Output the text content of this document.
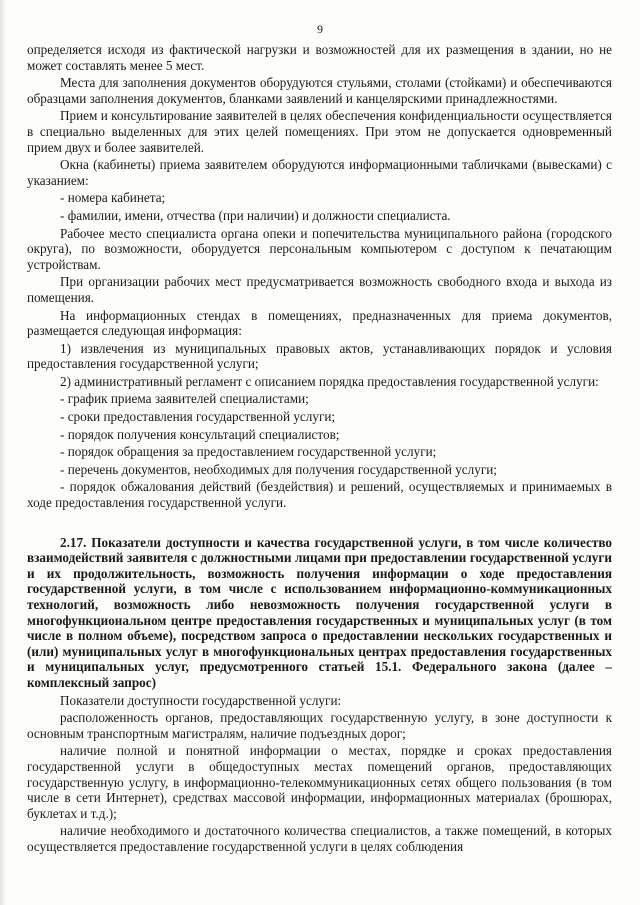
9

определяется исходя из фактической нагрузки и возможностей для их размещения в здании, но не может составлять менее 5 мест.

Места для заполнения документов оборудуются стульями, столами (стойками) и обеспечиваются образцами заполнения документов, бланками заявлений и канцелярскими принадлежностями.

Прием и консультирование заявителей в целях обеспечения конфиденциальности осуществляется в специально выделенных для этих целей помещениях. При этом не допускается одновременный прием двух и более заявителей.

Окна (кабинеты) приема заявителем оборудуются информационными табличками (вывесками) с указанием:

- номера кабинета;

- фамилии, имени, отчества (при наличии) и должности специалиста.

Рабочее место специалиста органа опеки и попечительства муниципального района (городского округа), по возможности, оборудуется персональным компьютером с доступом к печатающим устройствам.

При организации рабочих мест предусматривается возможность свободного входа и выхода из помещения.

На информационных стендах в помещениях, предназначенных для приема документов, размещается следующая информация:

1) извлечения из муниципальных правовых актов, устанавливающих порядок и условия предоставления государственной услуги;

2) административный регламент с описанием порядка предоставления государственной услуги:

- график приема заявителей специалистами;

- сроки предоставления государственной услуги;

- порядок получения консультаций специалистов;

- порядок обращения за предоставлением государственной услуги;

- перечень документов, необходимых для получения государственной услуги;

- порядок обжалования действий (бездействия) и решений, осуществляемых и принимаемых в ходе предоставления государственной услуги.

2.17. Показатели доступности и качества государственной услуги, в том числе количество взаимодействий заявителя с должностными лицами при предоставлении государственной услуги и их продолжительность, возможность получения информации о ходе предоставления государственной услуги, в том числе с использованием информационно-коммуникационных технологий, возможность либо невозможность получения государственной услуги в многофункциональном центре предоставления государственных и муниципальных услуг (в том числе в полном объеме), посредством запроса о предоставлении нескольких государственных и (или) муниципальных услуг в многофункциональных центрах предоставления государственных и муниципальных услуг, предусмотренного статьей 15.1. Федерального закона (далее – комплексный запрос)

Показатели доступности государственной услуги:

расположенность органов, предоставляющих государственную услугу, в зоне доступности к основным транспортным магистралям, наличие подъездных дорог;

наличие полной и понятной информации о местах, порядке и сроках предоставления государственной услуги в общедоступных местах помещений органов, предоставляющих государственную услугу, в информационно-телекоммуникационных сетях общего пользования (в том числе в сети Интернет), средствах массовой информации, информационных материалах (брошюрах, буклетах и т.д.);

наличие необходимого и достаточного количества специалистов, а также помещений, в которых осуществляется предоставление государственной услуги в целях соблюдения
